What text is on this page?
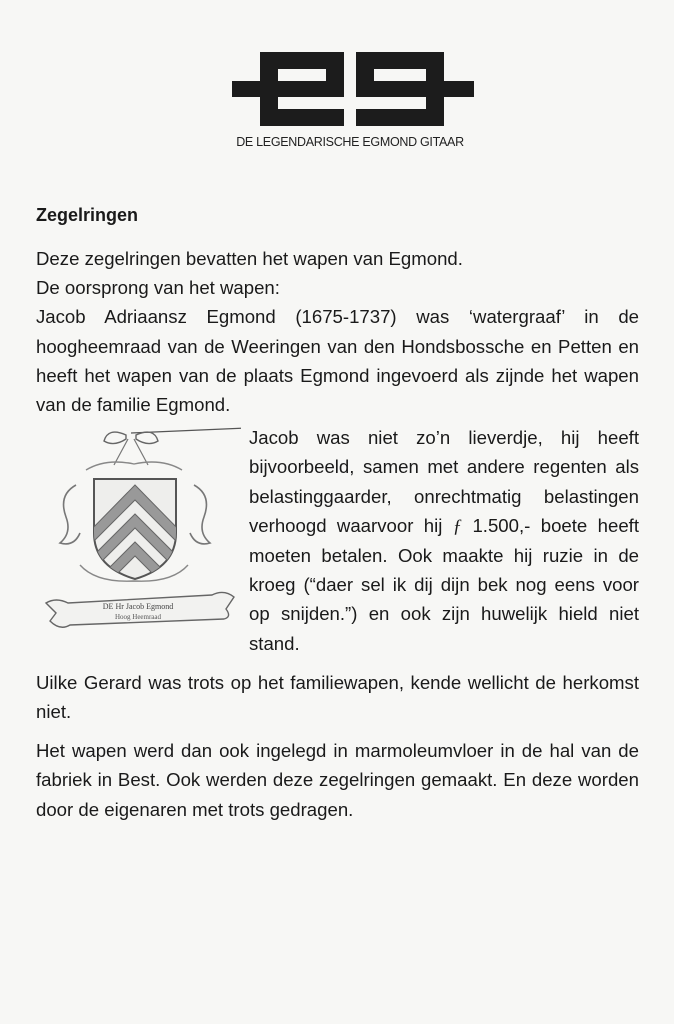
DE LEGENDARISCHE EGMOND GITAAR
Zegelringen

Deze zegelringen bevatten het wapen van Egmond.

De oorsprong van het wapen:

Jacob Adriaansz Egmond (1675-1737) was ‘watergraaf’ in de hoogheemraad van de Weeringen van den Hondsbossche en Petten en heeft het wapen van de plaats Egmond ingevoerd als zijnde het wapen van de familie Egmond.

DE Hr Jacob Egmond
Hoog Heemraad

Jacob was niet zo’n lieverdje, hij heeft bijvoorbeeld, samen met andere regenten als belastinggaarder, onrechtmatig belastingen verhoogd waarvoor hij ƒ 1.500,- boete heeft moeten betalen. Ook maakte hij ruzie in de kroeg (“daer sel ik dij dijn bek nog eens voor op snijden.”) en ook zijn huwelijk hield niet stand.

Uilke Gerard was trots op het familiewapen, kende wellicht de herkomst niet.

Het wapen werd dan ook ingelegd in marmoleumvloer in de hal van de fabriek in Best. Ook werden deze zegelringen gemaakt. En deze worden door de eigenaren met trots gedragen.
